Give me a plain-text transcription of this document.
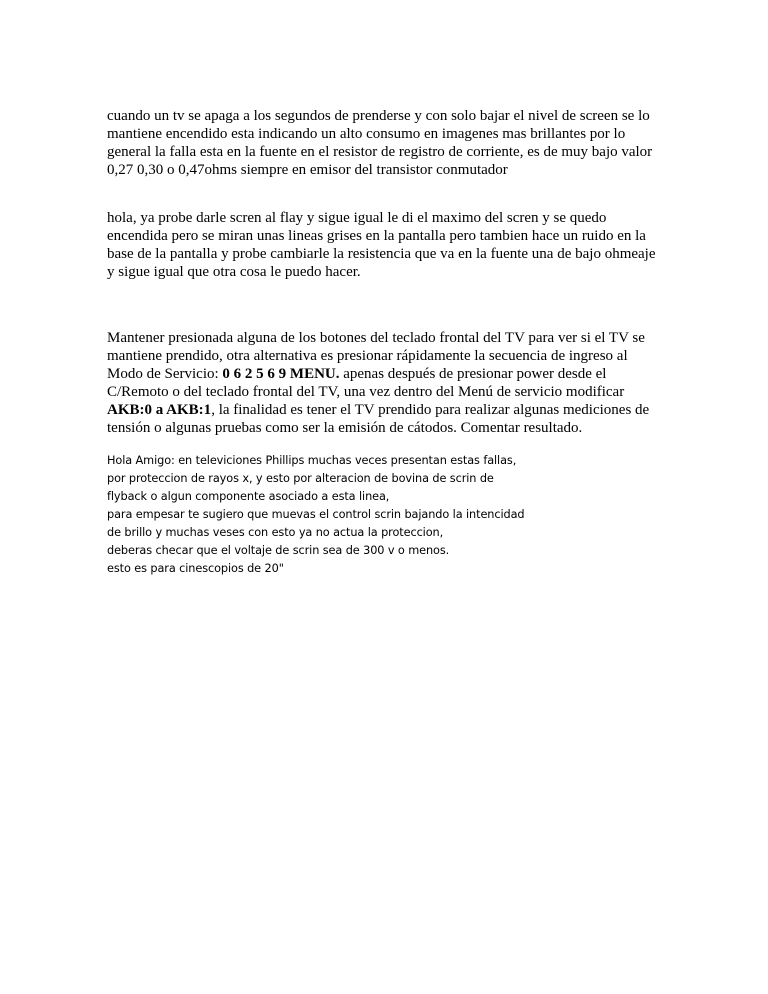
cuando un tv se apaga a los segundos de prenderse y con solo bajar el nivel de screen se lo
mantiene encendido esta indicando un alto consumo en imagenes mas brillantes por lo
general la falla esta en la fuente en el resistor de registro de corriente, es de muy bajo valor
0,27 0,30 o 0,47ohms siempre en emisor del transistor conmutador

hola, ya probe darle scren al flay y sigue igual le di el maximo del scren y se quedo
encendida pero se miran unas lineas grises en la pantalla pero tambien hace un ruido en la
base de la pantalla y probe cambiarle la resistencia que va en la fuente una de bajo ohmeaje
y sigue igual que otra cosa le puedo hacer.

Mantener presionada alguna de los botones del teclado frontal del TV para ver si el TV se
mantiene prendido, otra alternativa es presionar rápidamente la secuencia de ingreso al
Modo de Servicio: 0 6 2 5 6 9 MENU. apenas después de presionar power desde el
C/Remoto o del teclado frontal del TV, una vez dentro del Menú de servicio modificar
AKB:0 a AKB:1, la finalidad es tener el TV prendido para realizar algunas mediciones de
tensión o algunas pruebas como ser la emisión de cátodos. Comentar resultado.

Hola Amigo: en televiciones Phillips muchas veces presentan estas fallas,
por proteccion de rayos x, y esto por alteracion de bovina de scrin de
flyback o algun componente asociado a esta linea,
para empesar te sugiero que muevas el control scrin bajando la intencidad
de brillo y muchas veses con esto ya no actua la proteccion,
deberas checar que el voltaje de scrin sea de 300 v o menos.
esto es para cinescopios de 20"
